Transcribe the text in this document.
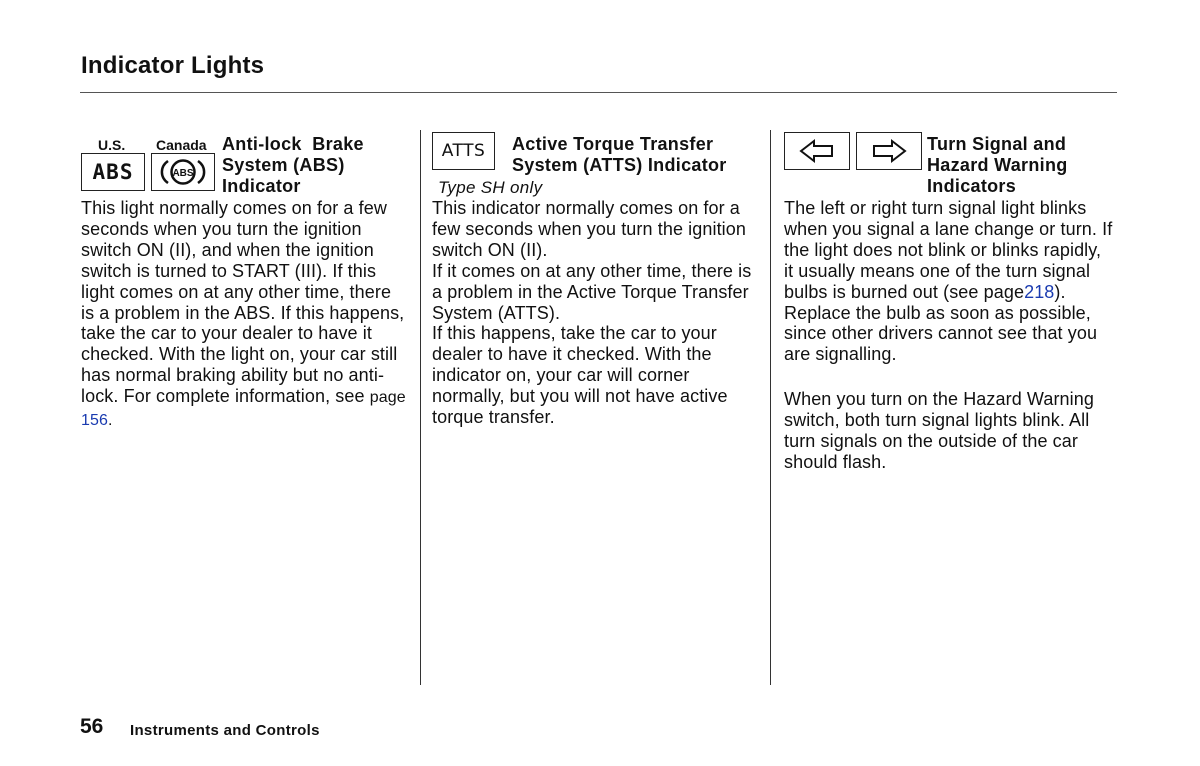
Indicator Lights
U.S. Canada
ABS	ABS
Anti-lock  Brake
System (ABS)
Indicator

This light normally comes on for a few seconds when you turn the ignition switch ON (II), and when the ignition switch is turned to START (III). If this light comes on at any other time, there is a problem in the ABS. If this happens, take the car to your dealer to have it checked. With the light on, your car still has normal braking ability but no anti-lock. For complete information, see page 156.

ATTS Active Torque Transfer
System (ATTS) Indicator
Type SH only

This indicator normally comes on for a few seconds when you turn the ignition switch ON (II).

If it comes on at any other time, there is a problem in the Active Torque Transfer System (ATTS).

If this happens, take the car to your dealer to have it checked. With the indicator on, your car will corner normally, but you will not have active torque transfer.

Turn Signal and
Hazard Warning
Indicators

The left or right turn signal light blinks when you signal a lane change or turn. If the light does not blink or blinks rapidly, it usually means one of the turn signal bulbs is burned out (see page218). Replace the bulb as soon as possible, since other drivers cannot see that you are signalling.

When you turn on the Hazard Warning switch, both turn signal lights blink. All turn signals on the outside of the car should flash.

56 Instruments and Controls
